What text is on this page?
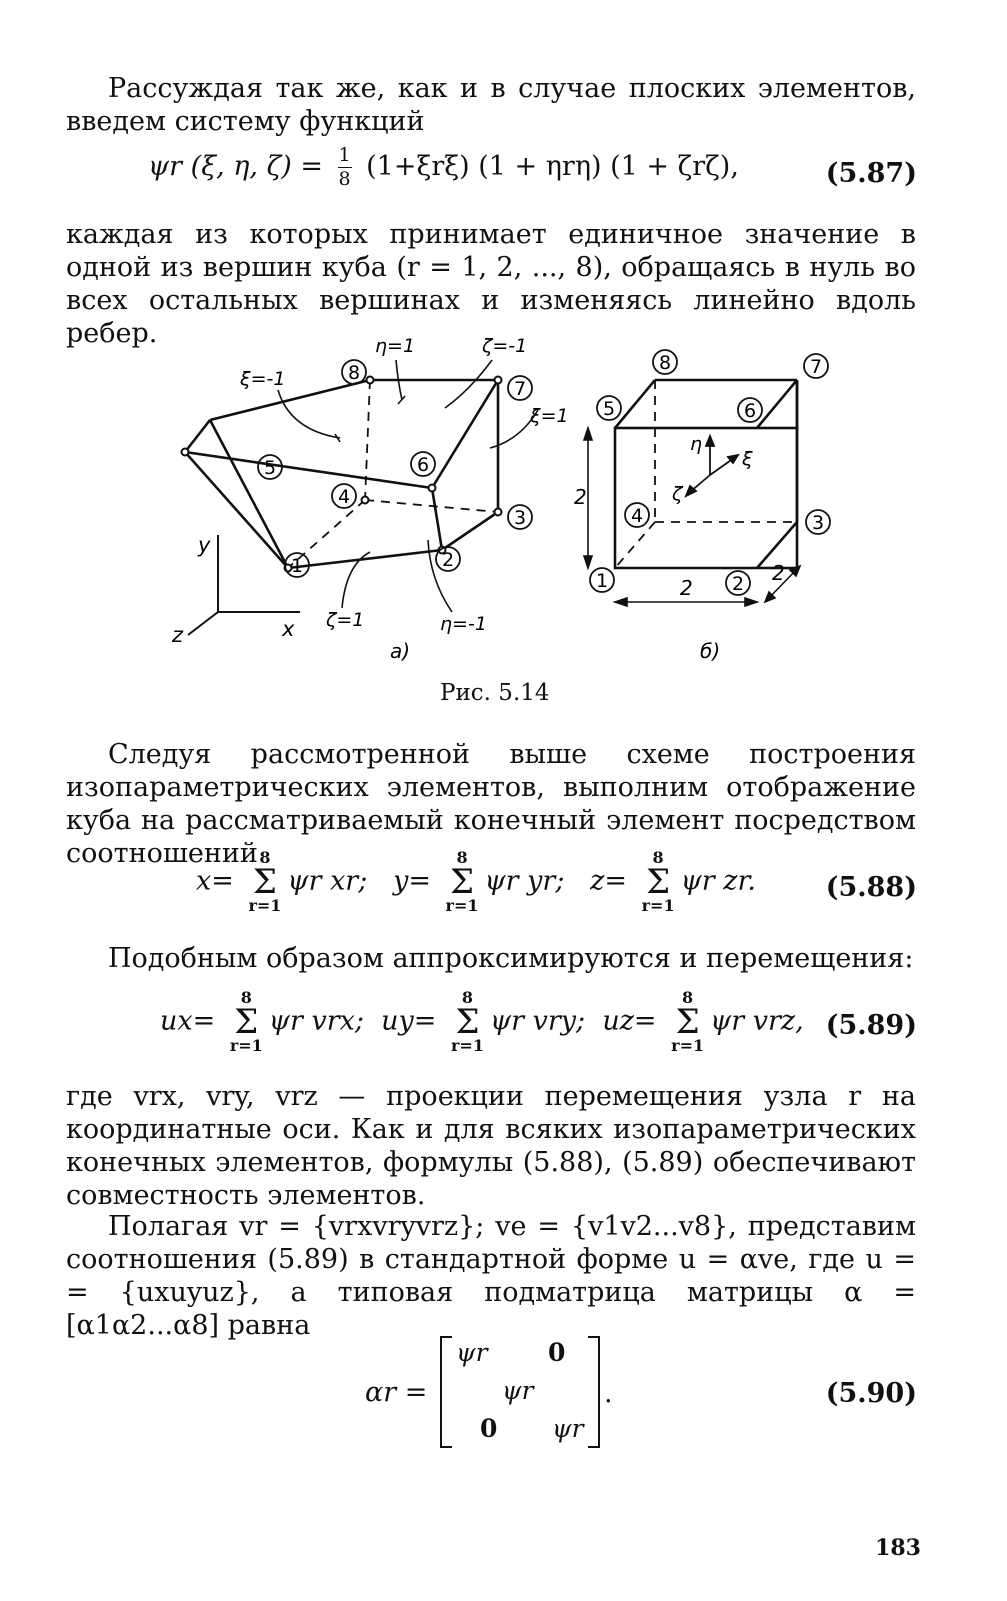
Рассуждая так же, как и в случае плоских элементов, введем систему функций

ψr (ξ, η, $\zeta) = \frac{1}{8} (1+\xi r\xi) (1 + \eta r\eta) (1 + \zeta r\zeta)$,	(5.87)

каждая из которых принимает единичное значение в одной из вершин куба (r = 1, 2, ..., 8), обращаясь в нуль во всех остальных вершинах и изменяясь линейно вдоль ребер.

1	2
3
4
5	6
7
8
ξ=-1
η=1	ζ=-1
ξ=1
ζ=1	η=-1
y
x
z
a)
1	2
3
4
5	6
7
8
2
2
2
η
ξ
ζ
б)
Рис. 5.14

Следуя рассмотренной выше схеме построения изопараметрических элементов, выполним отображение куба на рассматриваемый конечный элемент посредством соотношений

x=
8
Σ
r=1
ψr xr; y=
8
Σ
r=1
ψr yr; z=
8
Σ
r=1
ψr zr.	(5.88)

Подобным образом аппроксимируются и перемещения:

ux=
8
Σ
r=1
ψr vrx; uy=
8
Σ
r=1
ψr vry; uz=
8
Σ
r=1
ψr vrz, (5.89)

где vrx, vry, vrz — проекции перемещения узла r на координатные оси. Как и для всяких изопараметрических конечных элементов, формулы (5.88), (5.89) обеспечивают совместность элементов.

Полагая vr = {vrxvryvrz}; ve = {v1v2...v8}, представим соотношения (5.89) в стандартной форме u = αve, где u = = {uxuyuz}, а типовая подматрица матрицы α = [α1α2...α8] равна

αr =
ψr 0
ψr
0 ψr
.	(5.90)
183
